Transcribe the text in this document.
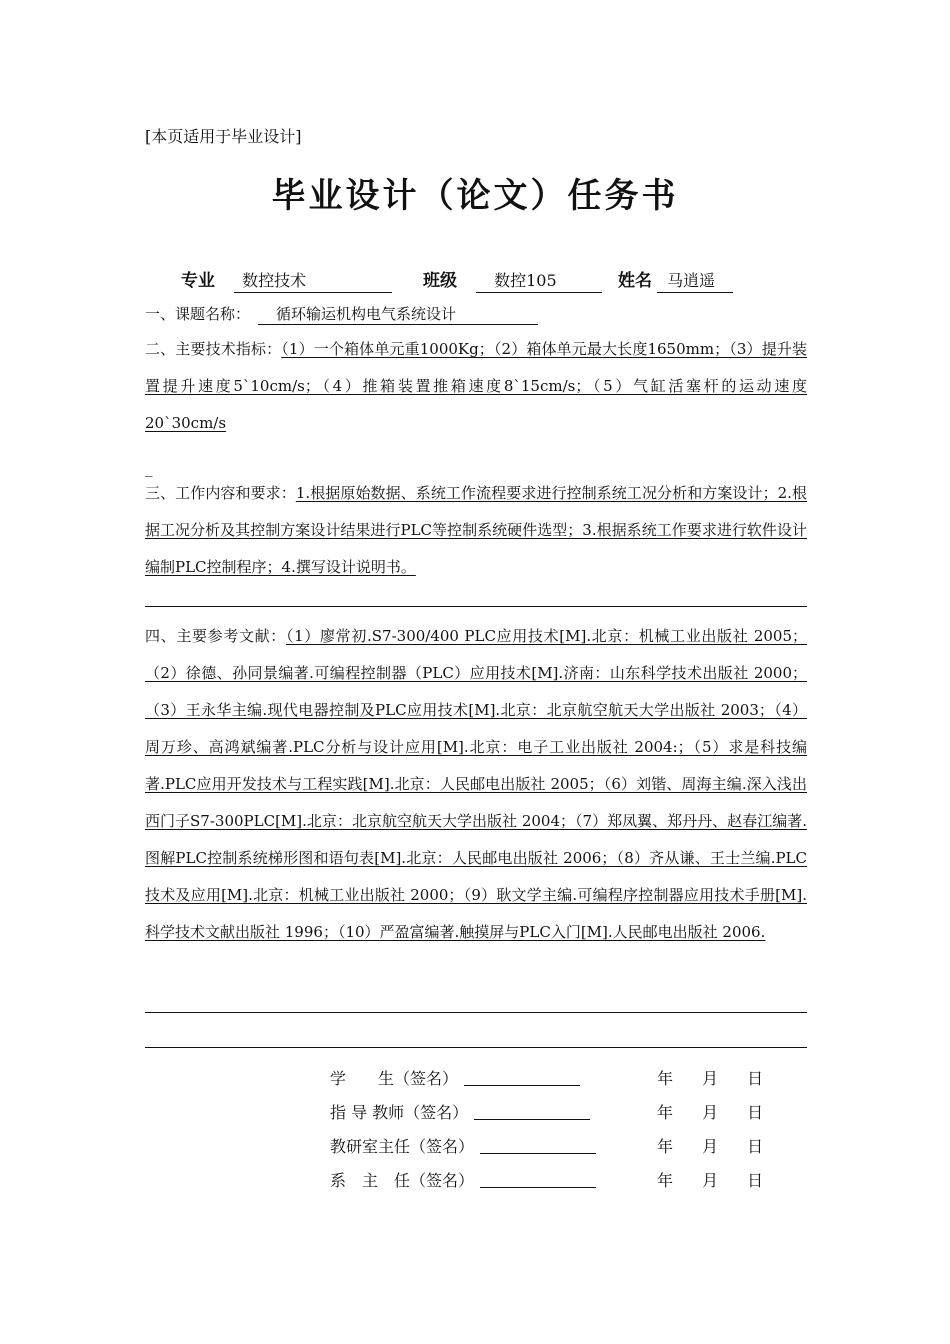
[本页适用于毕业设计]
毕业设计（论文）任务书
专业 数控技术	班级 数控105	姓名 马逍遥
一、课题名称： 循环输运机构电气系统设计
二、主要技术指标：（1）一个箱体单元重1000Kg；（2）箱体单元最大长度1650mm；（3）提升装置提升速度5`10cm/s；（4）推箱装置推箱速度8`15cm/s；（5）气缸活塞杆的运动速度20`30cm/s
_
三、工作内容和要求：1.根据原始数据、系统工作流程要求进行控制系统工况分析和方案设计；2.根据工况分析及其控制方案设计结果进行PLC等控制系统硬件选型；3.根据系统工作要求进行软件设计编制PLC控制程序；4.撰写设计说明书。
四、主要参考文献：（1）廖常初.S7-300/400 PLC应用技术[M].北京：机械工业出版社 2005；（2）徐德、孙同景编著.可编程控制器（PLC）应用技术[M].济南：山东科学技术出版社 2000；（3）王永华主编.现代电器控制及PLC应用技术[M].北京：北京航空航天大学出版社 2003；（4）周万珍、高鸿斌编著.PLC分析与设计应用[M].北京：电子工业出版社 2004:；（5）求是科技编著.PLC应用开发技术与工程实践[M].北京：人民邮电出版社 2005；（6）刘锴、周海主编.深入浅出西门子S7-300PLC[M].北京：北京航空航天大学出版社 2004；（7）郑凤翼、郑丹丹、赵春江编著.图解PLC控制系统梯形图和语句表[M].北京：人民邮电出版社 2006；（8）齐从谦、王士兰编.PLC技术及应用[M].北京：机械工业出版社 2000；（9）耿文学主编.可编程序控制器应用技术手册[M].科学技术文献出版社 1996；（10）严盈富编著.触摸屏与PLC入门[M].人民邮电出版社 2006.
学　　生（签名）	年 月 日
指 导 教师（签名）	年 月 日
教研室主任（签名）	年 月 日
系　主　任（签名）	年 月 日
